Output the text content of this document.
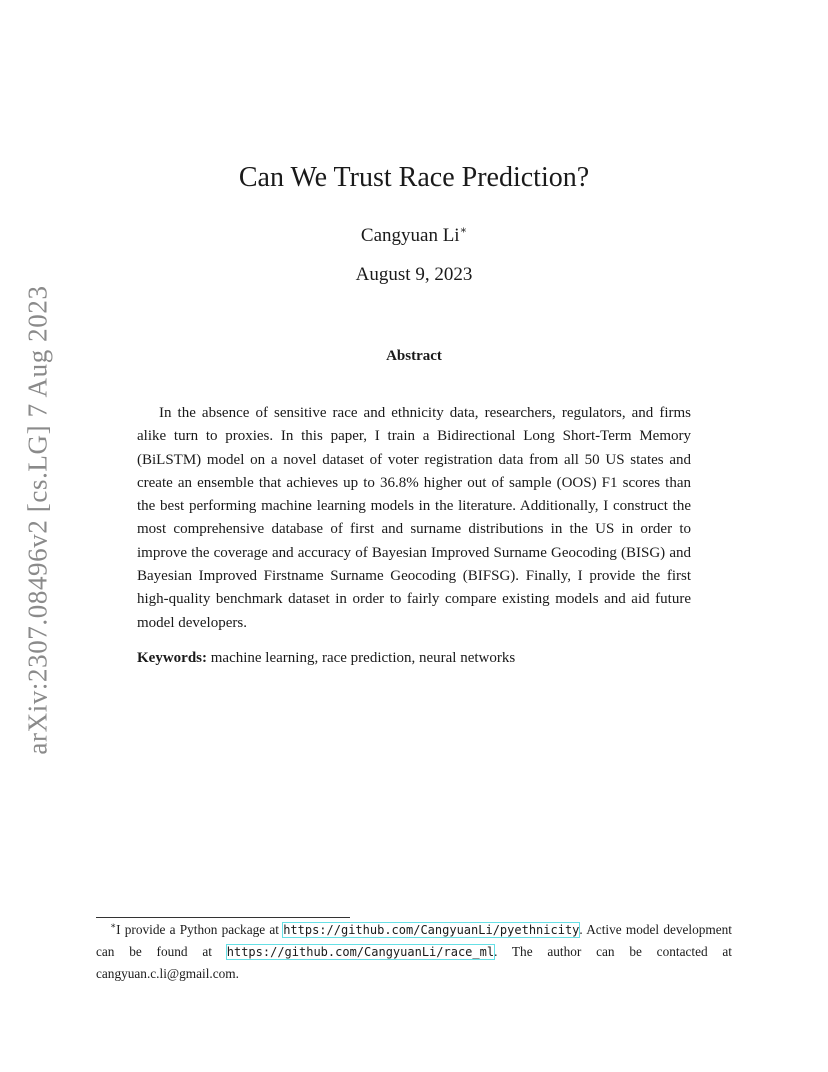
arXiv:2307.08496v2 [cs.LG] 7 Aug 2023
Can We Trust Race Prediction?
Cangyuan Li∗
August 9, 2023
Abstract

In the absence of sensitive race and ethnicity data, researchers, regulators, and firms alike turn to proxies. In this paper, I train a Bidirectional Long Short-Term Memory (BiLSTM) model on a novel dataset of voter registration data from all 50 US states and create an ensemble that achieves up to 36.8% higher out of sample (OOS) F1 scores than the best performing machine learning models in the literature. Additionally, I construct the most comprehensive database of first and surname distributions in the US in order to improve the coverage and accuracy of Bayesian Improved Surname Geocoding (BISG) and Bayesian Improved Firstname Surname Geocoding (BIFSG). Finally, I provide the first high-quality benchmark dataset in order to fairly compare existing models and aid future model developers.

Keywords: machine learning, race prediction, neural networks

∗I provide a Python package at https://github.com/CangyuanLi/pyethnicity. Active model development can be found at https://github.com/CangyuanLi/race_ml. The author can be contacted at cangyuan.c.li@gmail.com.
